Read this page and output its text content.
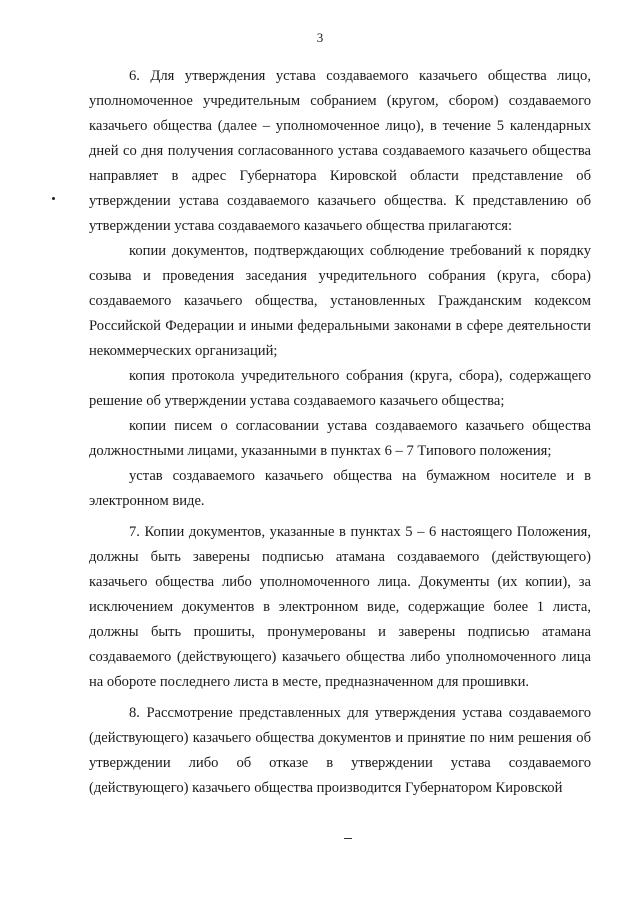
3

6. Для утверждения устава создаваемого казачьего общества лицо, уполномоченное учредительным собранием (кругом, сбором) создаваемого казачьего общества (далее – уполномоченное лицо), в течение 5 календарных дней со дня получения согласованного устава создаваемого казачьего общества направляет в адрес Губернатора Кировской области представление об утверждении устава создаваемого казачьего общества. К представлению об утверждении устава создаваемого казачьего общества прилагаются:

копии документов, подтверждающих соблюдение требований к порядку созыва и проведения заседания учредительного собрания (круга, сбора) создаваемого казачьего общества, установленных Гражданским кодексом Российской Федерации и иными федеральными законами в сфере деятельности некоммерческих организаций;

копия протокола учредительного собрания (круга, сбора), содержащего решение об утверждении устава создаваемого казачьего общества;

копии писем о согласовании устава создаваемого казачьего общества должностными лицами, указанными в пунктах 6 – 7 Типового положения;

устав создаваемого казачьего общества на бумажном носителе и в электронном виде.

7. Копии документов, указанные в пунктах 5 – 6 настоящего Положения, должны быть заверены подписью атамана создаваемого (действующего) казачьего общества либо уполномоченного лица. Документы (их копии), за исключением документов в электронном виде, содержащие более 1 листа, должны быть прошиты, пронумерованы и заверены подписью атамана создаваемого (действующего) казачьего общества либо уполномоченного лица на обороте последнего листа в месте, предназначенном для прошивки.

8. Рассмотрение представленных для утверждения устава создаваемого (действующего) казачьего общества документов и принятие по ним решения об утверждении либо об отказе в утверждении устава создаваемого (действующего) казачьего общества производится Губернатором Кировской
